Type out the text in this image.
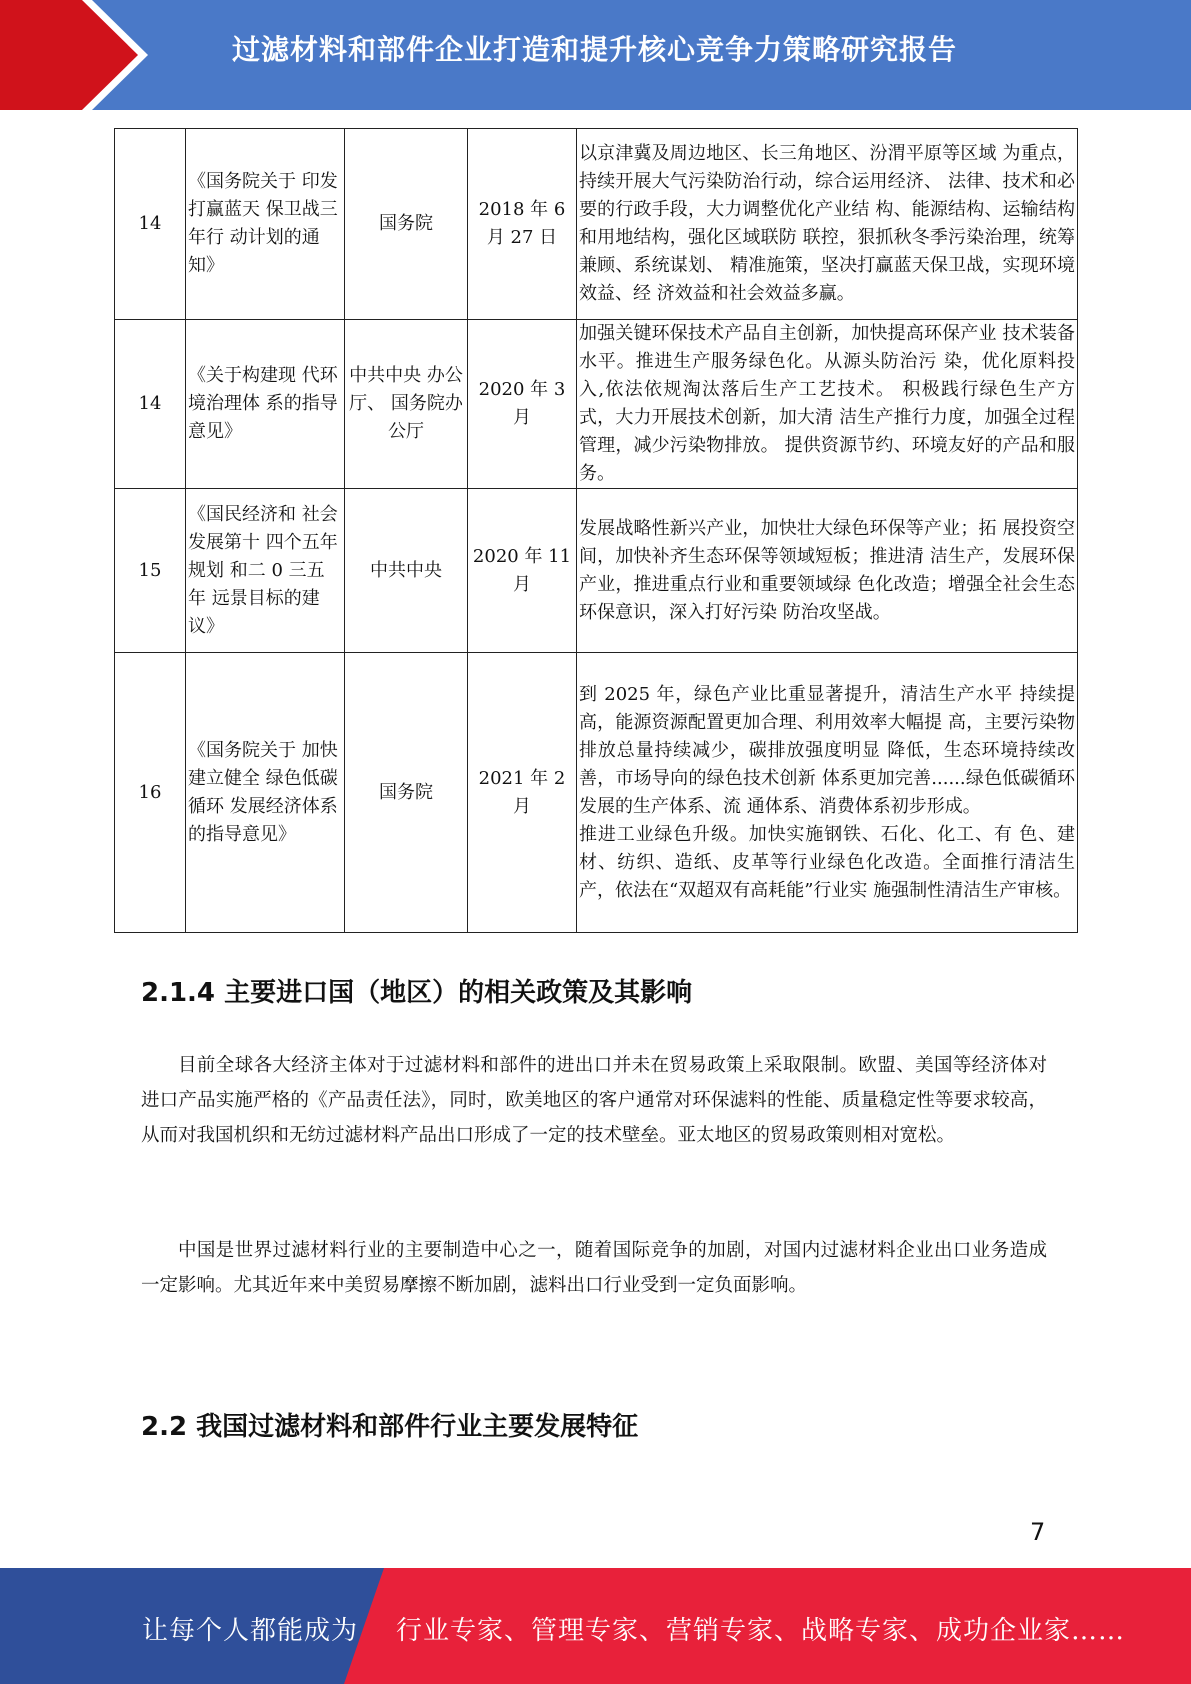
过滤材料和部件企业打造和提升核心竞争力策略研究报告
14	《国务院关于 印发打赢蓝天 保卫战三年行 动计划的通知》	国务院	2018 年 6 月 27 日	以京津冀及周边地区、长三角地区、汾渭平原等区域 为重点，持续开展大气污染防治行动，综合运用经济、 法律、技术和必要的行政手段，大力调整优化产业结 构、能源结构、运输结构和用地结构，强化区域联防 联控，狠抓秋冬季污染治理，统筹兼顾、系统谋划、 精准施策，坚决打赢蓝天保卫战，实现环境效益、经 济效益和社会效益多赢。
14	《关于构建现 代环境治理体 系的指导意见》	中共中央 办公厅、 国务院办 公厅	2020 年 3 月	加强关键环保技术产品自主创新，加快提高环保产业 技术装备水平。推进生产服务绿色化。从源头防治污 染，优化原料投入,依法依规淘汰落后生产工艺技术。 积极践行绿色生产方式，大力开展技术创新，加大清 洁生产推行力度，加强全过程管理，减少污染物排放。 提供资源节约、环境友好的产品和服务。
15	《国民经济和 社会发展第十 四个五年规划 和二 0 三五年 远景目标的建 议》	中共中央	2020 年 11 月	发展战略性新兴产业，加快壮大绿色环保等产业；拓 展投资空间，加快补齐生态环保等领域短板；推进清 洁生产，发展环保产业，推进重点行业和重要领域绿 色化改造；增强全社会生态环保意识，深入打好污染 防治攻坚战。
16	《国务院关于 加快建立健全 绿色低碳循环 发展经济体系 的指导意见》	国务院	2021 年 2 月	到 2025 年，绿色产业比重显著提升，清洁生产水平 持续提高，能源资源配置更加合理、利用效率大幅提 高，主要污染物排放总量持续减少，碳排放强度明显 降低，生态环境持续改善，市场导向的绿色技术创新 体系更加完善......绿色低碳循环发展的生产体系、流 通体系、消费体系初步形成。
推进工业绿色升级。加快实施钢铁、石化、化工、有 色、建材、纺织、造纸、皮革等行业绿色化改造。全面推行清洁生产，依法在“双超双有高耗能”行业实 施强制性清洁生产审核。
2.1.4 主要进口国（地区）的相关政策及其影响
目前全球各大经济主体对于过滤材料和部件的进出口并未在贸易政策上采取限制。欧盟、美国等经济体对进口产品实施严格的《产品责任法》，同时，欧美地区的客户通常对环保滤料的性能、质量稳定性等要求较高，从而对我国机织和无纺过滤材料产品出口形成了一定的技术壁垒。亚太地区的贸易政策则相对宽松。
中国是世界过滤材料行业的主要制造中心之一，随着国际竞争的加剧，对国内过滤材料企业出口业务造成一定影响。尤其近年来中美贸易摩擦不断加剧，滤料出口行业受到一定负面影响。
2.2 我国过滤材料和部件行业主要发展特征
7
让每个人都能成为 行业专家、管理专家、营销专家、战略专家、成功企业家……
